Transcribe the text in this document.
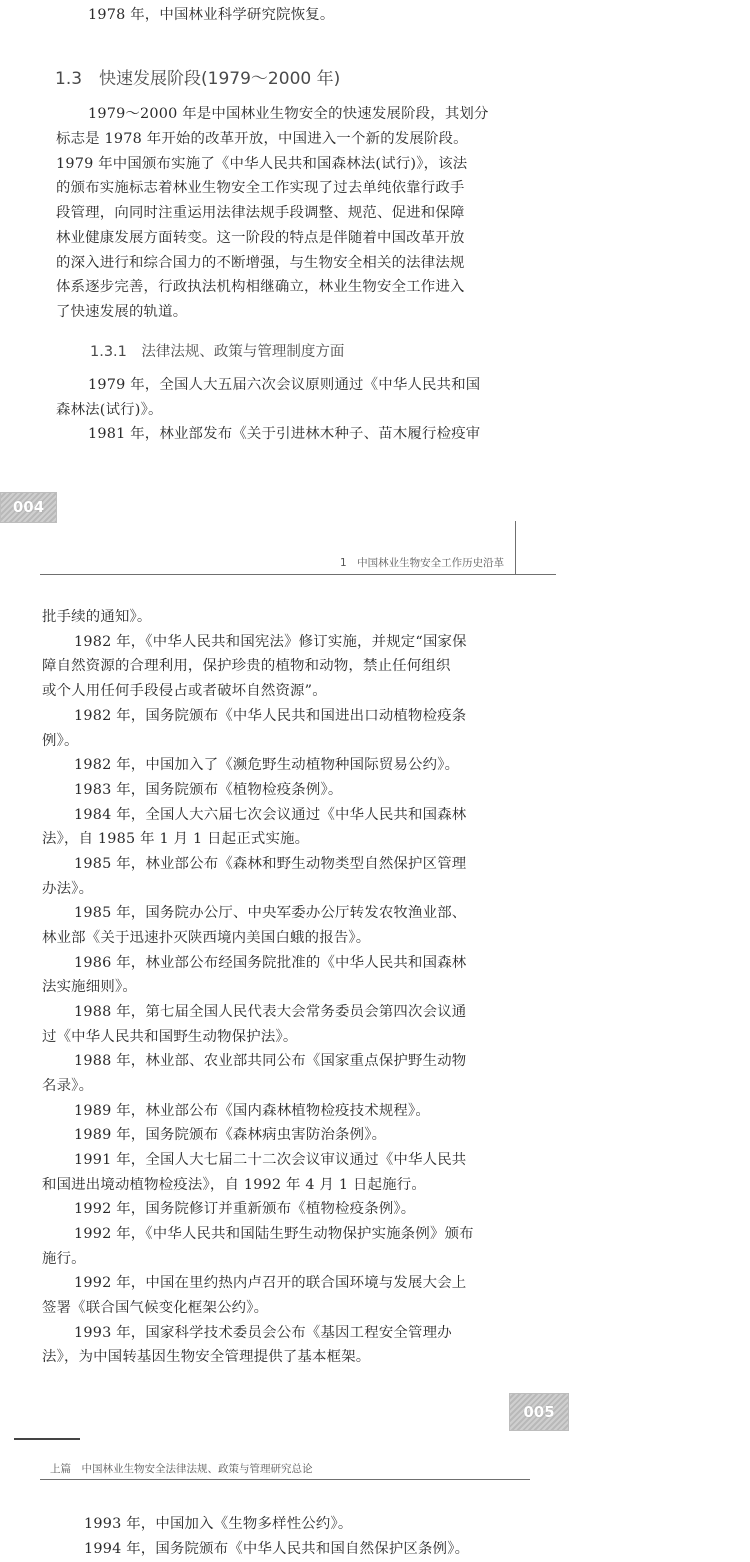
1978 年，中国林业科学研究院恢复。

1.3　快速发展阶段(1979～2000 年)

1979～2000 年是中国林业生物安全的快速发展阶段，其划分

标志是 1978 年开始的改革开放，中国进入一个新的发展阶段。

1979 年中国颁布实施了《中华人民共和国森林法(试行)》，该法

的颁布实施标志着林业生物安全工作实现了过去单纯依靠行政手

段管理，向同时注重运用法律法规手段调整、规范、促进和保障

林业健康发展方面转变。这一阶段的特点是伴随着中国改革开放

的深入进行和综合国力的不断增强，与生物安全相关的法律法规

体系逐步完善，行政执法机构相继确立，林业生物安全工作进入

了快速发展的轨道。

1.3.1　法律法规、政策与管理制度方面

1979 年，全国人大五届六次会议原则通过《中华人民共和国

森林法(试行)》。

1981 年，林业部发布《关于引进林木种子、苗木履行检疫审

004
1　中国林业生物安全工作历史沿革

批手续的通知》。

1982 年，《中华人民共和国宪法》修订实施，并规定“国家保

障自然资源的合理利用，保护珍贵的植物和动物，禁止任何组织

或个人用任何手段侵占或者破坏自然资源”。

1982 年，国务院颁布《中华人民共和国进出口动植物检疫条

例》。

1982 年，中国加入了《濒危野生动植物种国际贸易公约》。

1983 年，国务院颁布《植物检疫条例》。

1984 年，全国人大六届七次会议通过《中华人民共和国森林

法》，自 1985 年 1 月 1 日起正式实施。

1985 年，林业部公布《森林和野生动物类型自然保护区管理

办法》。

1985 年，国务院办公厅、中央军委办公厅转发农牧渔业部、

林业部《关于迅速扑灭陕西境内美国白蛾的报告》。

1986 年，林业部公布经国务院批准的《中华人民共和国森林

法实施细则》。

1988 年，第七届全国人民代表大会常务委员会第四次会议通

过《中华人民共和国野生动物保护法》。

1988 年，林业部、农业部共同公布《国家重点保护野生动物

名录》。

1989 年，林业部公布《国内森林植物检疫技术规程》。

1989 年，国务院颁布《森林病虫害防治条例》。

1991 年，全国人大七届二十二次会议审议通过《中华人民共

和国进出境动植物检疫法》，自 1992 年 4 月 1 日起施行。

1992 年，国务院修订并重新颁布《植物检疫条例》。

1992 年，《中华人民共和国陆生野生动物保护实施条例》颁布

施行。

1992 年，中国在里约热内卢召开的联合国环境与发展大会上

签署《联合国气候变化框架公约》。

1993 年，国家科学技术委员会公布《基因工程安全管理办

法》，为中国转基因生物安全管理提供了基本框架。

005
上篇　中国林业生物安全法律法规、政策与管理研究总论

1993 年，中国加入《生物多样性公约》。

1994 年，国务院颁布《中华人民共和国自然保护区条例》。
